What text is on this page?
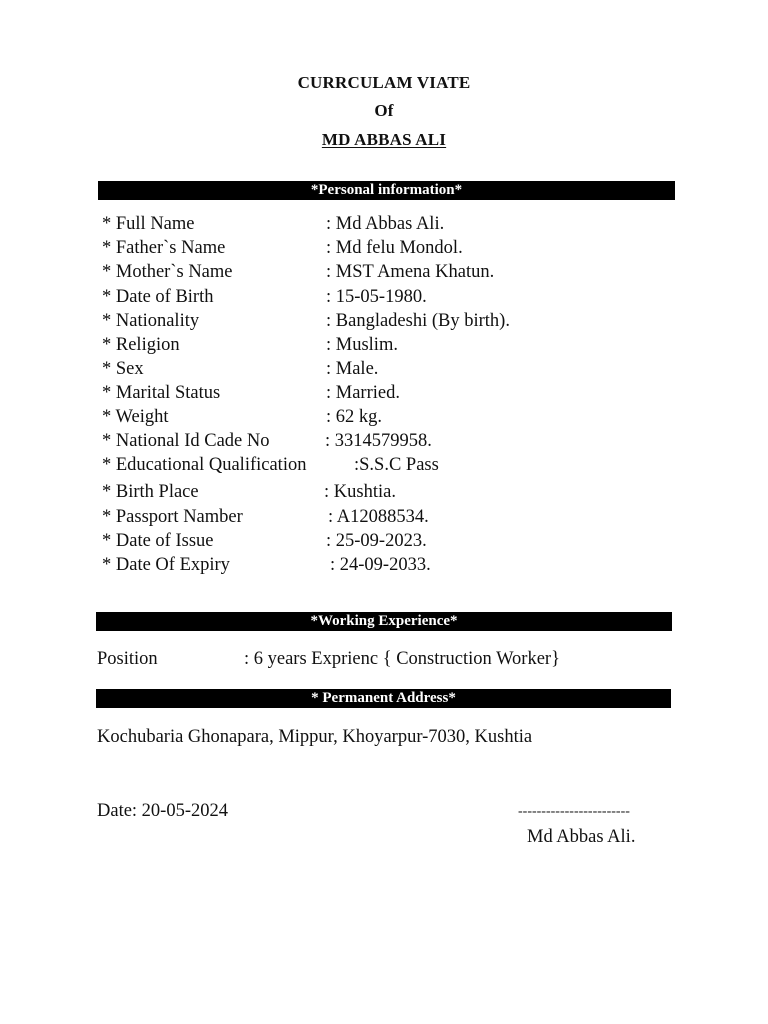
CURRCULAM VIATE
Of
MD ABBAS ALI
*Personal information*
* Full Name	: Md Abbas Ali.
* Father`s Name	: Md felu Mondol.
* Mother`s Name	: MST Amena Khatun.
* Date of Birth	: 15-05-1980.
* Nationality	: Bangladeshi (By birth).
* Religion	: Muslim.
* Sex	: Male.
* Marital Status	: Married.
* Weight	: 62 kg.
* National Id Cade No	: 3314579958.
* Educational Qualification	:S.S.C Pass
* Birth Place	: Kushtia.
* Passport Namber	: A12088534.
* Date of Issue	: 25-09-2023.
* Date Of Expiry	: 24-09-2033.
*Working Experience*
Position	: 6 years Exprienc { Construction Worker}
* Permanent Address*
Kochubaria Ghonapara, Mippur, Khoyarpur-7030, Kushtia
Date: 20-05-2024	------------------------
Md Abbas Ali.
